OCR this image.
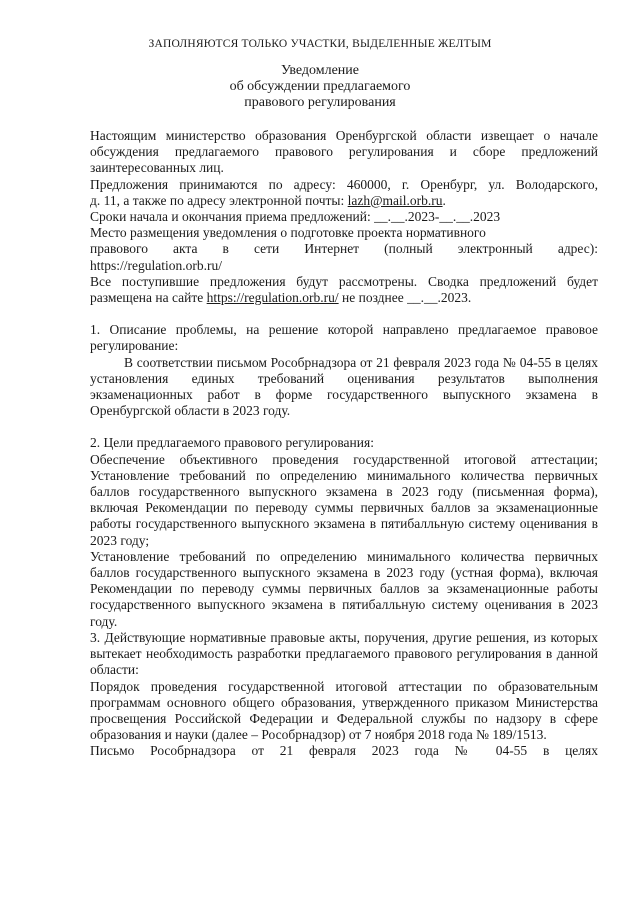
ЗАПОЛНЯЮТСЯ ТОЛЬКО УЧАСТКИ, ВЫДЕЛЕННЫЕ ЖЕЛТЫМ
Уведомление
об обсуждении предлагаемого
правового регулирования

Настоящим министерство образования Оренбургской области извещает о начале обсуждения предлагаемого правового регулирования и сборе предложений заинтересованных лиц.

Предложения принимаются по адресу: 460000, г. Оренбург, ул. Володарского,

д. 11, а также по адресу электронной почты: lazh@mail.orb.ru.

Сроки начала и окончания приема предложений: __.__.2023-__.__.2023

Место размещения уведомления о подготовке проекта нормативного

правового акта в сети Интернет (полный электронный адрес):

https://regulation.orb.ru/

Все поступившие предложения будут рассмотрены. Сводка предложений будет размещена на сайте https://regulation.orb.ru/ не позднее __.__.2023.

1. Описание проблемы, на решение которой направлено предлагаемое правовое регулирование:

В соответствии письмом Рособрнадзора от 21 февраля 2023 года № 04-55 в целях установления единых требований оценивания результатов выполнения экзаменационных работ в форме государственного выпускного экзамена в Оренбургской области в 2023 году.

2. Цели предлагаемого правового регулирования:

Обеспечение объективного проведения государственной итоговой аттестации; Установление требований по определению минимального количества первичных баллов государственного выпускного экзамена в 2023 году (письменная форма), включая Рекомендации по переводу суммы первичных баллов за экзаменационные работы государственного выпускного экзамена в пятибалльную систему оценивания в 2023 году;

Установление требований по определению минимального количества первичных баллов государственного выпускного экзамена в 2023 году (устная форма), включая Рекомендации по переводу суммы первичных баллов за экзаменационные работы государственного выпускного экзамена в пятибалльную систему оценивания в 2023 году.

3. Действующие нормативные правовые акты, поручения, другие решения, из которых вытекает необходимость разработки предлагаемого правового регулирования в данной области:

Порядок проведения государственной итоговой аттестации по образовательным программам основного общего образования, утвержденного приказом Министерства просвещения Российской Федерации и Федеральной службы по надзору в сфере образования и науки (далее – Рособрнадзор) от 7 ноября 2018 года № 189/1513.

Письмо Рособрнадзора от 21 февраля 2023 года № 04-55 в целях
